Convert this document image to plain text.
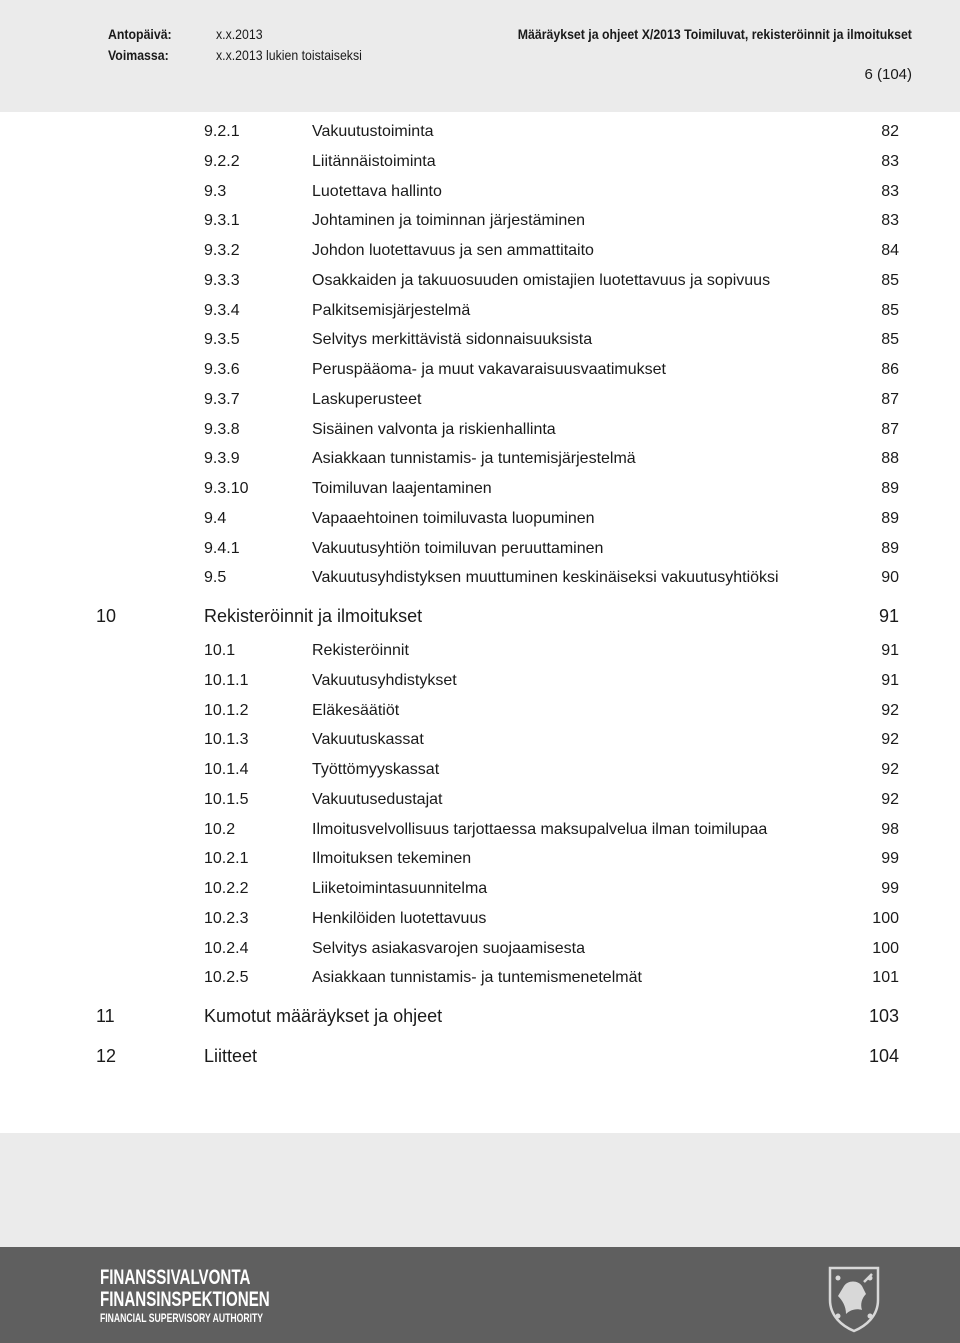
Antopäivä:	x.x.2013
Voimassa:	x.x.2013 lukien toistaiseksi
Määräykset ja ohjeet X/2013 Toimiluvat, rekisteröinnit ja ilmoitukset
6 (104)
9.2.1	Vakuutustoiminta	82
9.2.2	Liitännäistoiminta	83
9.3	Luotettava hallinto	83
9.3.1	Johtaminen ja toiminnan järjestäminen	83
9.3.2	Johdon luotettavuus ja sen ammattitaito	84
9.3.3	Osakkaiden ja takuuosuuden omistajien luotettavuus ja sopivuus	85
9.3.4	Palkitsemisjärjestelmä	85
9.3.5	Selvitys merkittävistä sidonnaisuuksista	85
9.3.6	Peruspääoma- ja muut vakavaraisuusvaatimukset	86
9.3.7	Laskuperusteet	87
9.3.8	Sisäinen valvonta ja riskienhallinta	87
9.3.9	Asiakkaan tunnistamis- ja tuntemisjärjestelmä	88
9.3.10	Toimiluvan laajentaminen	89
9.4	Vapaaehtoinen toimiluvasta luopuminen	89
9.4.1	Vakuutusyhtiön toimiluvan peruuttaminen	89
9.5	Vakuutusyhdistyksen muuttuminen keskinäiseksi vakuutusyhtiöksi	90
10	Rekisteröinnit ja ilmoitukset	91
10.1	Rekisteröinnit	91
10.1.1	Vakuutusyhdistykset	91
10.1.2	Eläkesäätiöt	92
10.1.3	Vakuutuskassat	92
10.1.4	Työttömyyskassat	92
10.1.5	Vakuutusedustajat	92
10.2	Ilmoitusvelvollisuus tarjottaessa maksupalvelua ilman toimilupaa	98
10.2.1	Ilmoituksen tekeminen	99
10.2.2	Liiketoimintasuunnitelma	99
10.2.3	Henkilöiden luotettavuus	100
10.2.4	Selvitys asiakasvarojen suojaamisesta	100
10.2.5	Asiakkaan tunnistamis- ja tuntemismenetelmät	101
11	Kumotut määräykset ja ohjeet	103
12	Liitteet	104
FINANSSIVALVONTA
FINANSINSPEKTIONEN
FINANCIAL SUPERVISORY AUTHORITY
